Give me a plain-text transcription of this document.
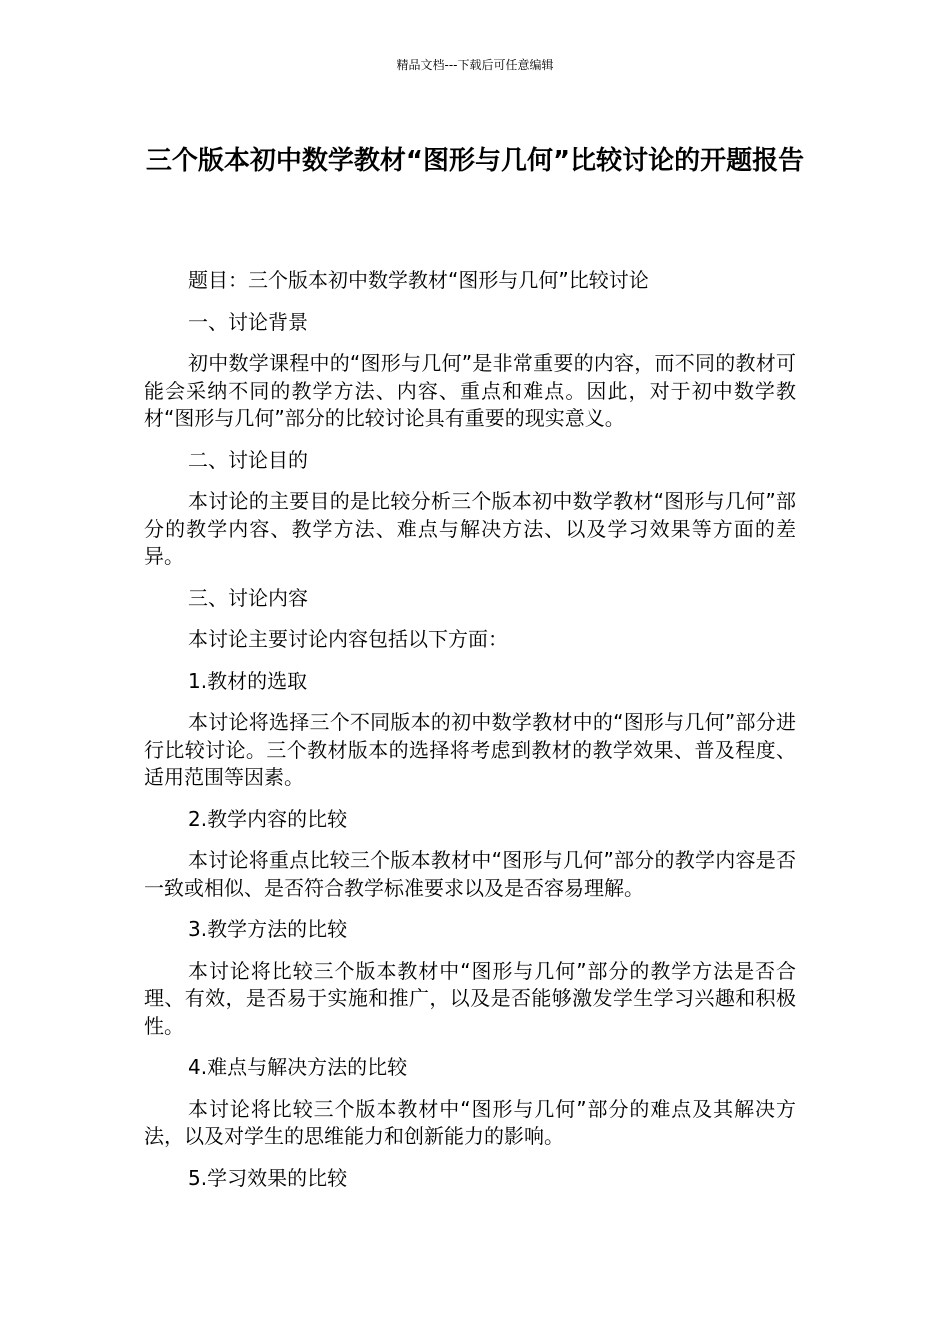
精品文档---下载后可任意编辑
三个版本初中数学教材“图形与几何”比较讨论的开题报告

题目：三个版本初中数学教材“图形与几何”比较讨论

一、讨论背景

初中数学课程中的“图形与几何”是非常重要的内容，而不同的教材可能会采纳不同的教学方法、内容、重点和难点。因此，对于初中数学教材“图形与几何”部分的比较讨论具有重要的现实意义。

二、讨论目的

本讨论的主要目的是比较分析三个版本初中数学教材“图形与几何”部分的教学内容、教学方法、难点与解决方法、以及学习效果等方面的差异。

三、讨论内容

本讨论主要讨论内容包括以下方面：

1.教材的选取

本讨论将选择三个不同版本的初中数学教材中的“图形与几何”部分进行比较讨论。三个教材版本的选择将考虑到教材的教学效果、普及程度、适用范围等因素。

2.教学内容的比较

本讨论将重点比较三个版本教材中“图形与几何”部分的教学内容是否一致或相似、是否符合教学标准要求以及是否容易理解。

3.教学方法的比较

本讨论将比较三个版本教材中“图形与几何”部分的教学方法是否合理、有效，是否易于实施和推广，以及是否能够激发学生学习兴趣和积极性。

4.难点与解决方法的比较

本讨论将比较三个版本教材中“图形与几何”部分的难点及其解决方法，以及对学生的思维能力和创新能力的影响。

5.学习效果的比较
